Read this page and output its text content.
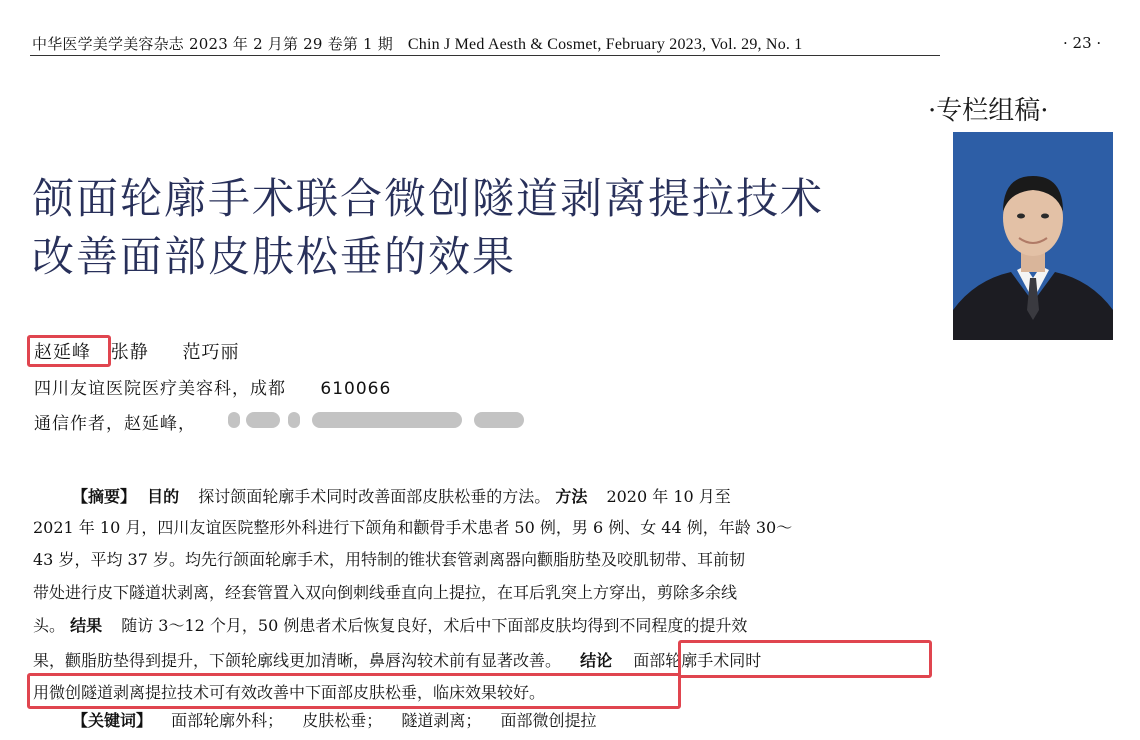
中华医学美学美容杂志 2023 年 2 月第 29 卷第 1 期 Chin J Med Aesth & Cosmet, February 2023, Vol. 29, No. 1	· 23 ·
·专栏组稿·
颌面轮廓手术联合微创隧道剥离提拉技术
改善面部皮肤松垂的效果
赵延峰 张静 范巧丽
四川友谊医院医疗美容科，成都 610066
通信作者，赵延峰，
【摘要】 目的 探讨颌面轮廓手术同时改善面部皮肤松垂的方法。 方法 2020 年 10 月至
2021 年 10 月，四川友谊医院整形外科进行下颌角和颧骨手术患者 50 例，男 6 例、女 44 例，年龄 30～
43 岁，平均 37 岁。均先行颌面轮廓手术，用特制的锥状套管剥离器向颧脂肪垫及咬肌韧带、耳前韧
带处进行皮下隧道状剥离，经套管置入双向倒刺线垂直向上提拉，在耳后乳突上方穿出，剪除多余线
头。 结果 随访 3～12 个月，50 例患者术后恢复良好，术后中下面部皮肤均得到不同程度的提升效
果，颧脂肪垫得到提升，下颌轮廓线更加清晰，鼻唇沟较术前有显著改善。 结论 面部轮廓手术同时
用微创隧道剥离提拉技术可有效改善中下面部皮肤松垂，临床效果较好。
【关键词】 面部轮廓外科； 皮肤松垂； 隧道剥离； 面部微创提拉
